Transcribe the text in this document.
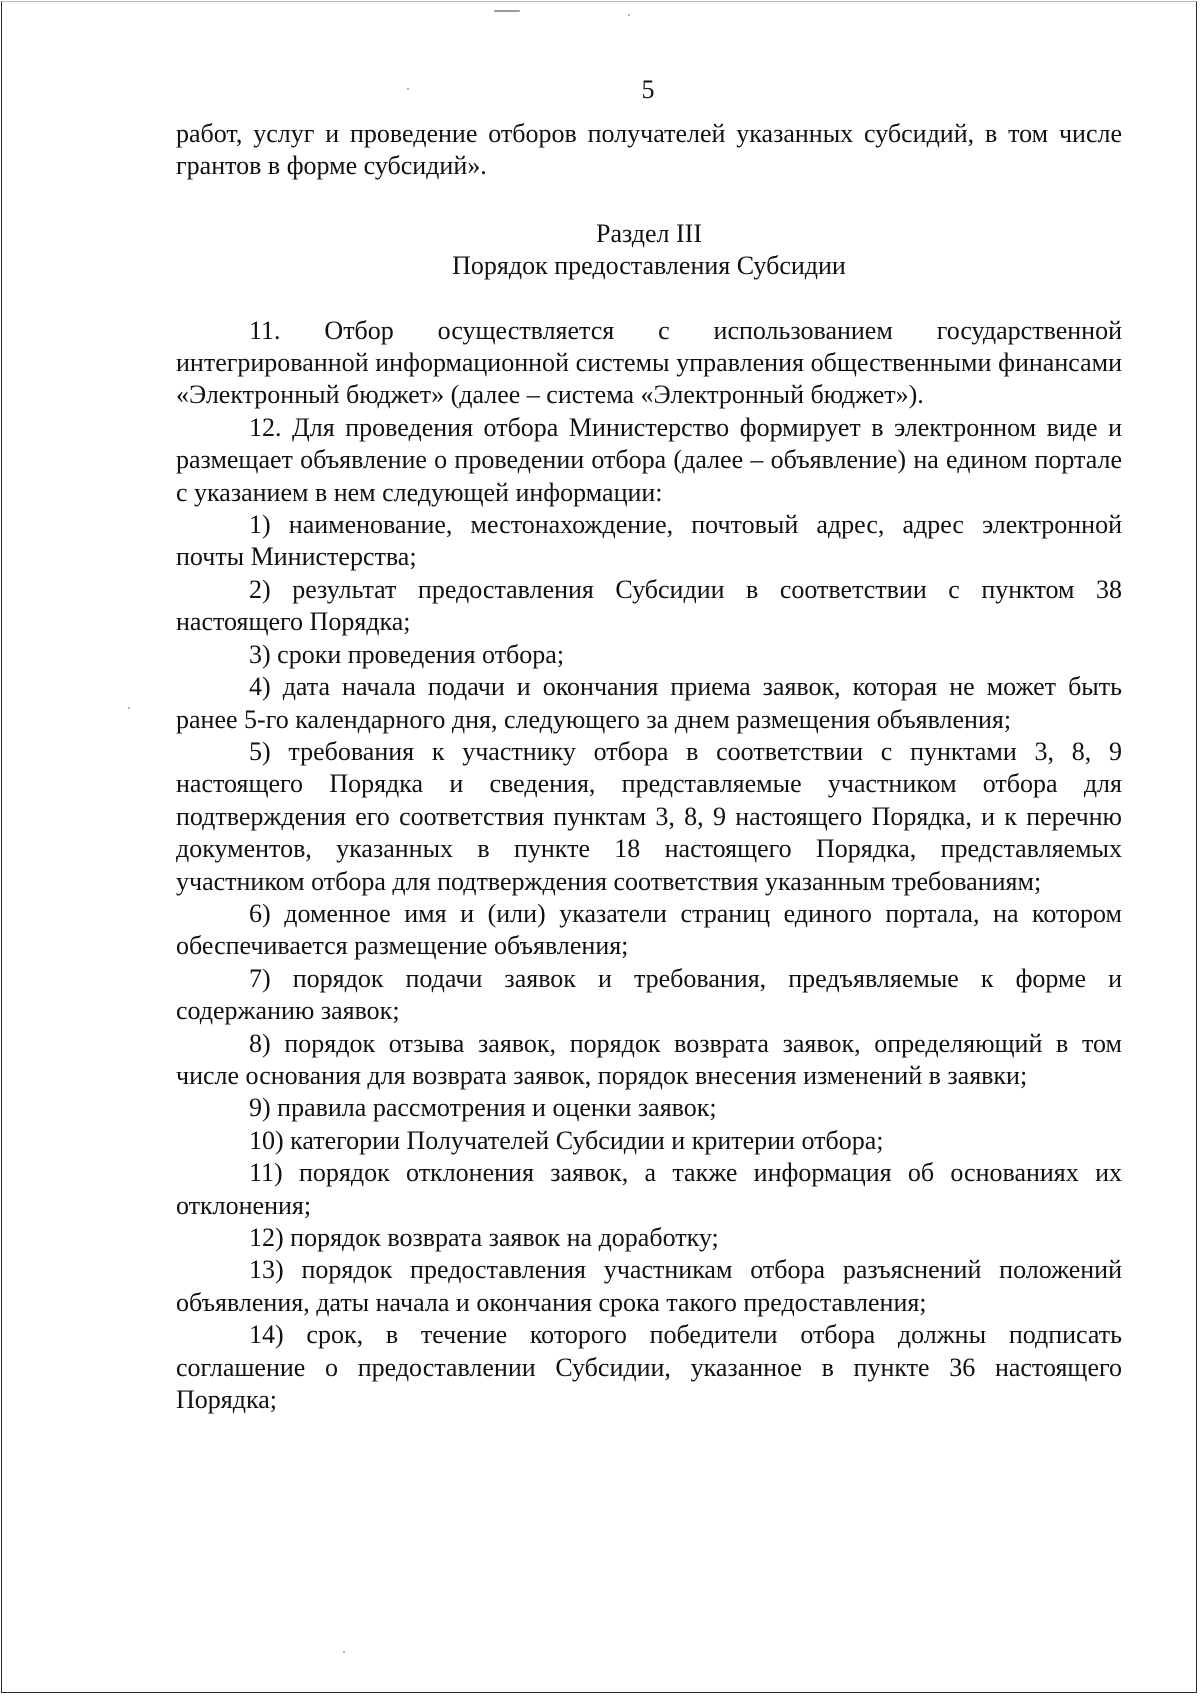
5

работ, услуг и проведение отборов получателей указанных субсидий, в том числе грантов в форме субсидий».

Раздел III
Порядок предоставления Субсидии

11. Отбор осуществляется с использованием государственной интегрированной информационной системы управления общественными финансами «Электронный бюджет» (далее – система «Электронный бюджет»).

12. Для проведения отбора Министерство формирует в электронном виде и размещает объявление о проведении отбора (далее – объявление) на едином портале с указанием в нем следующей информации:

1) наименование, местонахождение, почтовый адрес, адрес электронной почты Министерства;

2) результат предоставления Субсидии в соответствии с пунктом 38 настоящего Порядка;

3) сроки проведения отбора;

4) дата начала подачи и окончания приема заявок, которая не может быть ранее 5-го календарного дня, следующего за днем размещения объявления;

5) требования к участнику отбора в соответствии с пунктами 3, 8, 9 настоящего Порядка и сведения, представляемые участником отбора для подтверждения его соответствия пунктам 3, 8, 9 настоящего Порядка, и к перечню документов, указанных в пункте 18 настоящего Порядка, представляемых участником отбора для подтверждения соответствия указанным требованиям;

6) доменное имя и (или) указатели страниц единого портала, на котором обеспечивается размещение объявления;

7) порядок подачи заявок и требования, предъявляемые к форме и содержанию заявок;

8) порядок отзыва заявок, порядок возврата заявок, определяющий в том числе основания для возврата заявок, порядок внесения изменений в заявки;

9) правила рассмотрения и оценки заявок;

10) категории Получателей Субсидии и критерии отбора;

11) порядок отклонения заявок, а также информация об основаниях их отклонения;

12) порядок возврата заявок на доработку;

13) порядок предоставления участникам отбора разъяснений положений объявления, даты начала и окончания срока такого предоставления;

14) срок, в течение которого победители отбора должны подписать соглашение о предоставлении Субсидии, указанное в пункте 36 настоящего Порядка;
